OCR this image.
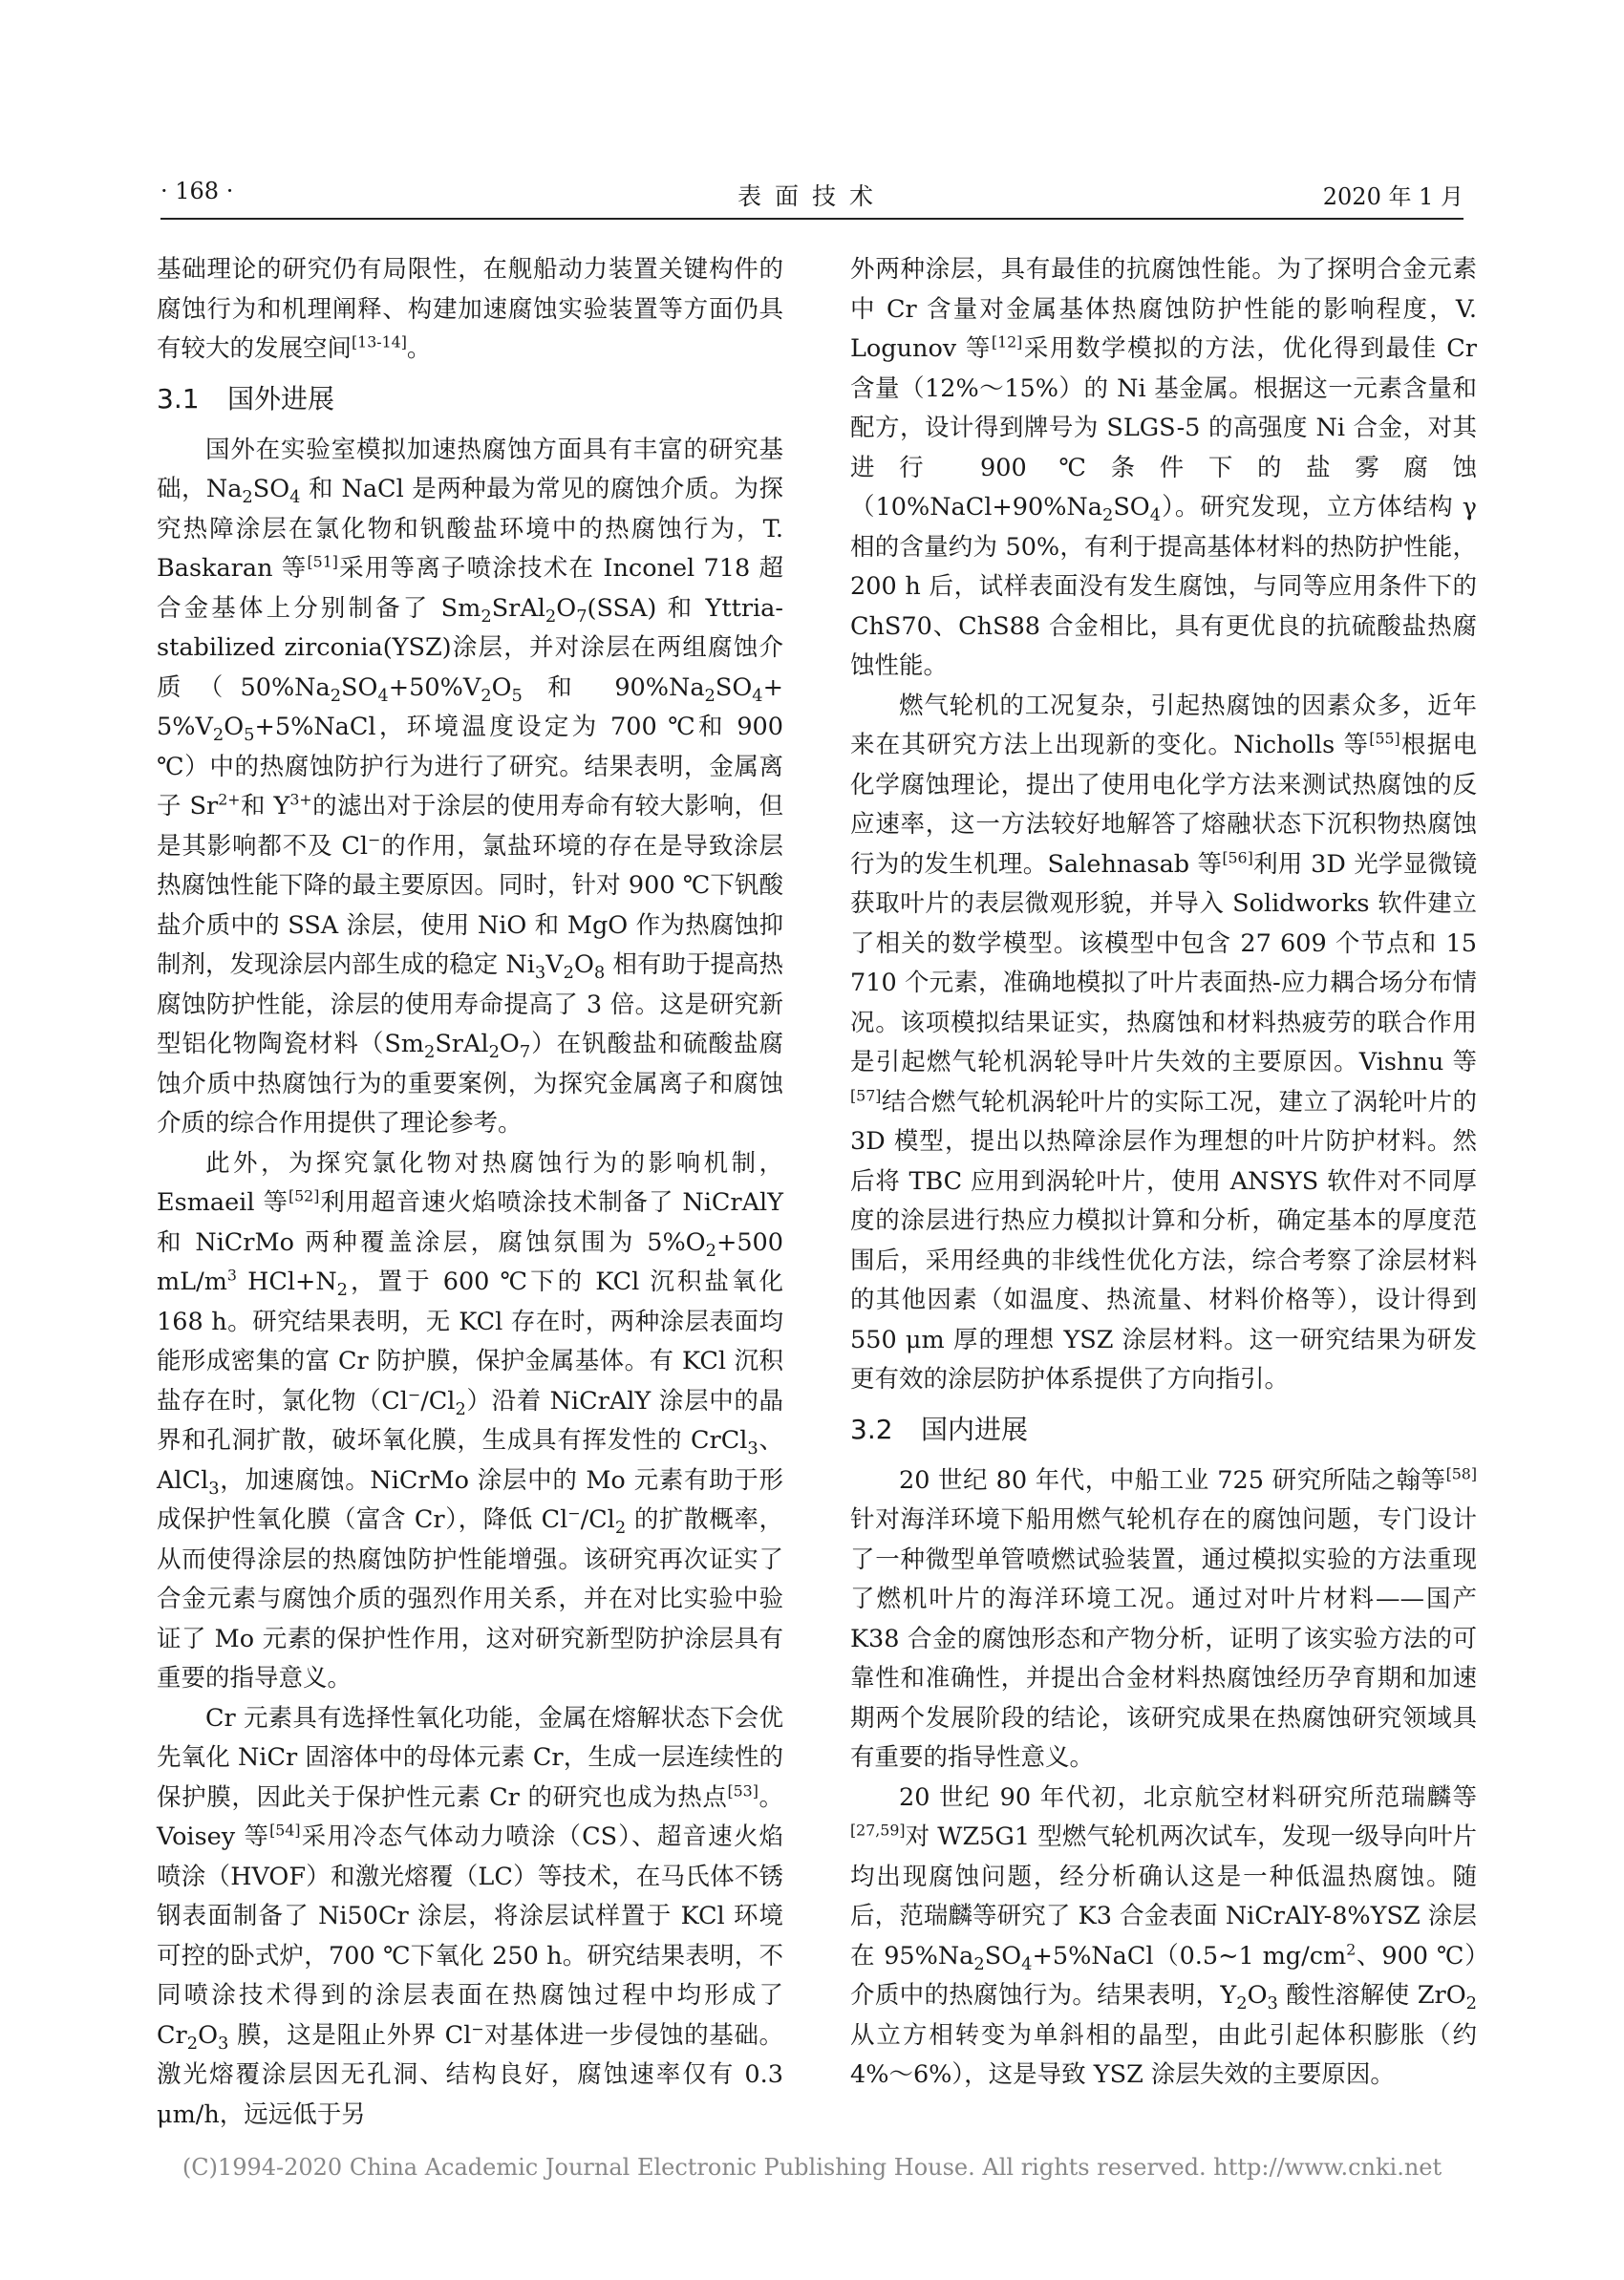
· 168 ·	表面技术	2020 年 1 月

基础理论的研究仍有局限性，在舰船动力装置关键构件的腐蚀行为和机理阐释、构建加速腐蚀实验装置等方面仍具有较大的发展空间[13-14]。

3.1 国外进展

国外在实验室模拟加速热腐蚀方面具有丰富的研究基础，$Na_2SO_4$ 和 NaCl 是两种最为常见的腐蚀介质。为探究热障涂层在氯化物和钒酸盐环境中的热腐蚀行为，T. Baskaran 等[51]采用等离子喷涂技术在 Inconel 718 超合金基体上分别制备了 $Sm_2SrAl_2O_7(SSA)$ 和 Yttria-stabilized zirconia(YSZ)涂层，并对涂层在两组腐蚀介质（$50\%Na_2SO_4+50\%V_2O_5$ 和 $90\%Na_2SO_4+$ $5\%V_2O_5+5\%NaCl$，环境温度设定为 700 ℃和 900 ℃）中的热腐蚀防护行为进行了研究。结果表明，金属离子 $Sr^{2+}$和 $Y^{3+}$的滤出对于涂层的使用寿命有较大影响，但是其影响都不及 Cl−的作用，氯盐环境的存在是导致涂层热腐蚀性能下降的最主要原因。同时，针对 900 ℃下钒酸盐介质中的 SSA 涂层，使用 NiO 和 MgO 作为热腐蚀抑制剂，发现涂层内部生成的稳定 $Ni_3V_2O_8$ 相有助于提高热腐蚀防护性能，涂层的使用寿命提高了 3 倍。这是研究新型铝化物陶瓷材料$(Sm_2SrAl_2O_7)$在钒酸盐和硫酸盐腐蚀介质中热腐蚀行为的重要案例，为探究金属离子和腐蚀介质的综合作用提供了理论参考。

此外，为探究氯化物对热腐蚀行为的影响机制，Esmaeil 等[52]利用超音速火焰喷涂技术制备了 NiCrAlY 和 NiCrMo 两种覆盖涂层，腐蚀氛围为 $5\%O_2+500$ $mL/m^3$ $HCl+N_2$，置于 600 ℃下的 KCl 沉积盐氧化 168 h。研究结果表明，无 KCl 存在时，两种涂层表面均能形成密集的富 Cr 防护膜，保护金属基体。有 KCl 沉积盐存在时，氯化物$(Cl^-/Cl_2)$沿着 NiCrAlY 涂层中的晶界和孔洞扩散，破坏氧化膜，生成具有挥发性的 CrCl$_3$、AlCl$_3$，加速腐蚀。NiCrMo 涂层中的 Mo 元素有助于形成保护性氧化膜（富含 Cr），降低 $Cl^-/Cl_2$ 的扩散概率，从而使得涂层的热腐蚀防护性能增强。该研究再次证实了合金元素与腐蚀介质的强烈作用关系，并在对比实验中验证了 Mo 元素的保护性作用，这对研究新型防护涂层具有重要的指导意义。

Cr 元素具有选择性氧化功能，金属在熔解状态下会优先氧化 NiCr 固溶体中的母体元素 Cr，生成一层连续性的保护膜，因此关于保护性元素 Cr 的研究也成为热点[53]。Voisey 等[54]采用冷态气体动力喷涂（CS）、超音速火焰喷涂（HVOF）和激光熔覆（LC）等技术，在马氏体不锈钢表面制备了 Ni50Cr 涂层，将涂层试样置于 KCl 环境可控的卧式炉，700 ℃下氧化 250 h。研究结果表明，不同喷涂技术得到的涂层表面在热腐蚀过程中均形成了 $Cr_2O_3$ 膜，这是阻止外界 Cl−对基体进一步侵蚀的基础。激光熔覆涂层因无孔洞、结构良好，腐蚀速率仅有 0.3 μm/h，远远低于另

外两种涂层，具有最佳的抗腐蚀性能。为了探明合金元素中 Cr 含量对金属基体热腐蚀防护性能的影响程度，V. Logunov 等[12]采用数学模拟的方法，优化得到最佳 Cr 含量（12%～15%）的 Ni 基金属。根据这一元素含量和配方，设计得到牌号为 SLGS-5 的高强度 Ni 合金，对其进行 900 ℃条件下的盐雾腐蚀$(10\%NaCl+90\%Na_2SO_4)$。研究发现，立方体结构 γ 相的含量约为 50%，有利于提高基体材料的热防护性能，200 h 后，试样表面没有发生腐蚀，与同等应用条件下的 ChS70、ChS88 合金相比，具有更优良的抗硫酸盐热腐蚀性能。

燃气轮机的工况复杂，引起热腐蚀的因素众多，近年来在其研究方法上出现新的变化。Nicholls 等[55]根据电化学腐蚀理论，提出了使用电化学方法来测试热腐蚀的反应速率，这一方法较好地解答了熔融状态下沉积物热腐蚀行为的发生机理。Salehnasab 等[56]利用 3D 光学显微镜获取叶片的表层微观形貌，并导入 Solidworks 软件建立了相关的数学模型。该模型中包含 27 609 个节点和 15 710 个元素，准确地模拟了叶片表面热-应力耦合场分布情况。该项模拟结果证实，热腐蚀和材料热疲劳的联合作用是引起燃气轮机涡轮导叶片失效的主要原因。Vishnu 等[57]结合燃气轮机涡轮叶片的实际工况，建立了涡轮叶片的 3D 模型，提出以热障涂层作为理想的叶片防护材料。然后将 TBC 应用到涡轮叶片，使用 ANSYS 软件对不同厚度的涂层进行热应力模拟计算和分析，确定基本的厚度范围后，采用经典的非线性优化方法，综合考察了涂层材料的其他因素（如温度、热流量、材料价格等），设计得到 550 μm 厚的理想 YSZ 涂层材料。这一研究结果为研发更有效的涂层防护体系提供了方向指引。

3.2 国内进展

20 世纪 80 年代，中船工业 725 研究所陆之翰等[58]针对海洋环境下船用燃气轮机存在的腐蚀问题，专门设计了一种微型单管喷燃试验装置，通过模拟实验的方法重现了燃机叶片的海洋环境工况。通过对叶片材料——国产 K38 合金的腐蚀形态和产物分析，证明了该实验方法的可靠性和准确性，并提出合金材料热腐蚀经历孕育期和加速期两个发展阶段的结论，该研究成果在热腐蚀研究领域具有重要的指导性意义。

20 世纪 90 年代初，北京航空材料研究所范瑞麟等[27,59]对 WZ5G1 型燃气轮机两次试车，发现一级导向叶片均出现腐蚀问题，经分析确认这是一种低温热腐蚀。随后，范瑞麟等研究了 K3 合金表面 NiCrAlY-8%YSZ 涂层在 $95\%Na_2SO_4+5\%NaCl(0.5\sim 1$ $mg/cm^2$、900 ℃）介质中的热腐蚀行为。结果表明，$Y_2O_3$ 酸性溶解使 ZrO$_2$ 从立方相转变为单斜相的晶型，由此引起体积膨胀（约 4%～6%），这是导致 YSZ 涂层失效的主要原因。

(C)1994-2020 China Academic Journal Electronic Publishing House. All rights reserved. http://www.cnki.net
